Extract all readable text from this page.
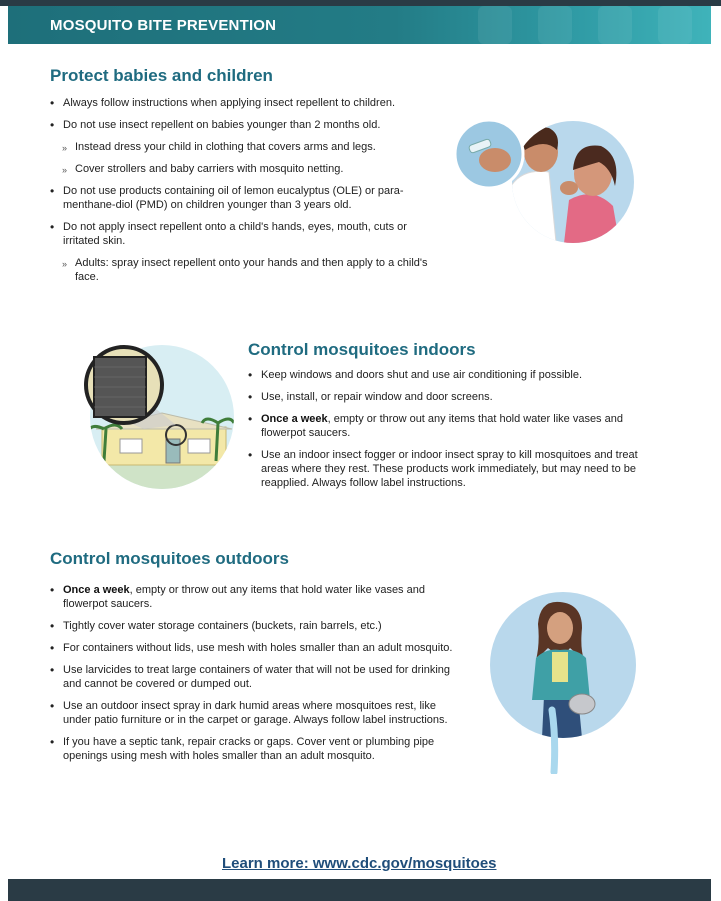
MOSQUITO BITE PREVENTION
Protect babies and children
• Always follow instructions when applying insect repellent to children.
• Do not use insect repellent on babies younger than 2 months old.
» Instead dress your child in clothing that covers arms and legs.
» Cover strollers and baby carriers with mosquito netting.
• Do not use products containing oil of lemon eucalyptus (OLE) or para-menthane-diol (PMD) on children younger than 3 years old.
• Do not apply insect repellent onto a child's hands, eyes, mouth, cuts or irritated skin.
» Adults: spray insect repellent onto your hands and then apply to a child's face.
Control mosquitoes indoors
• Keep windows and doors shut and use air conditioning if possible.
• Use, install, or repair window and door screens.
• Once a week, empty or throw out any items that hold water like vases and flowerpot saucers.
• Use an indoor insect fogger or indoor insect spray to kill mosquitoes and treat areas where they rest. These products work immediately, but may need to be reapplied. Always follow label instructions.
Control mosquitoes outdoors
• Once a week, empty or throw out any items that hold water like vases and flowerpot saucers.
• Tightly cover water storage containers (buckets, rain barrels, etc.)
• For containers without lids, use mesh with holes smaller than an adult mosquito.
• Use larvicides to treat large containers of water that will not be used for drinking and cannot be covered or dumped out.
• Use an outdoor insect spray in dark humid areas where mosquitoes rest, like under patio furniture or in the carpet or garage. Always follow label instructions.
• If you have a septic tank, repair cracks or gaps. Cover vent or plumbing pipe openings using mesh with holes smaller than an adult mosquito.
Learn more: www.cdc.gov/mosquitoes
